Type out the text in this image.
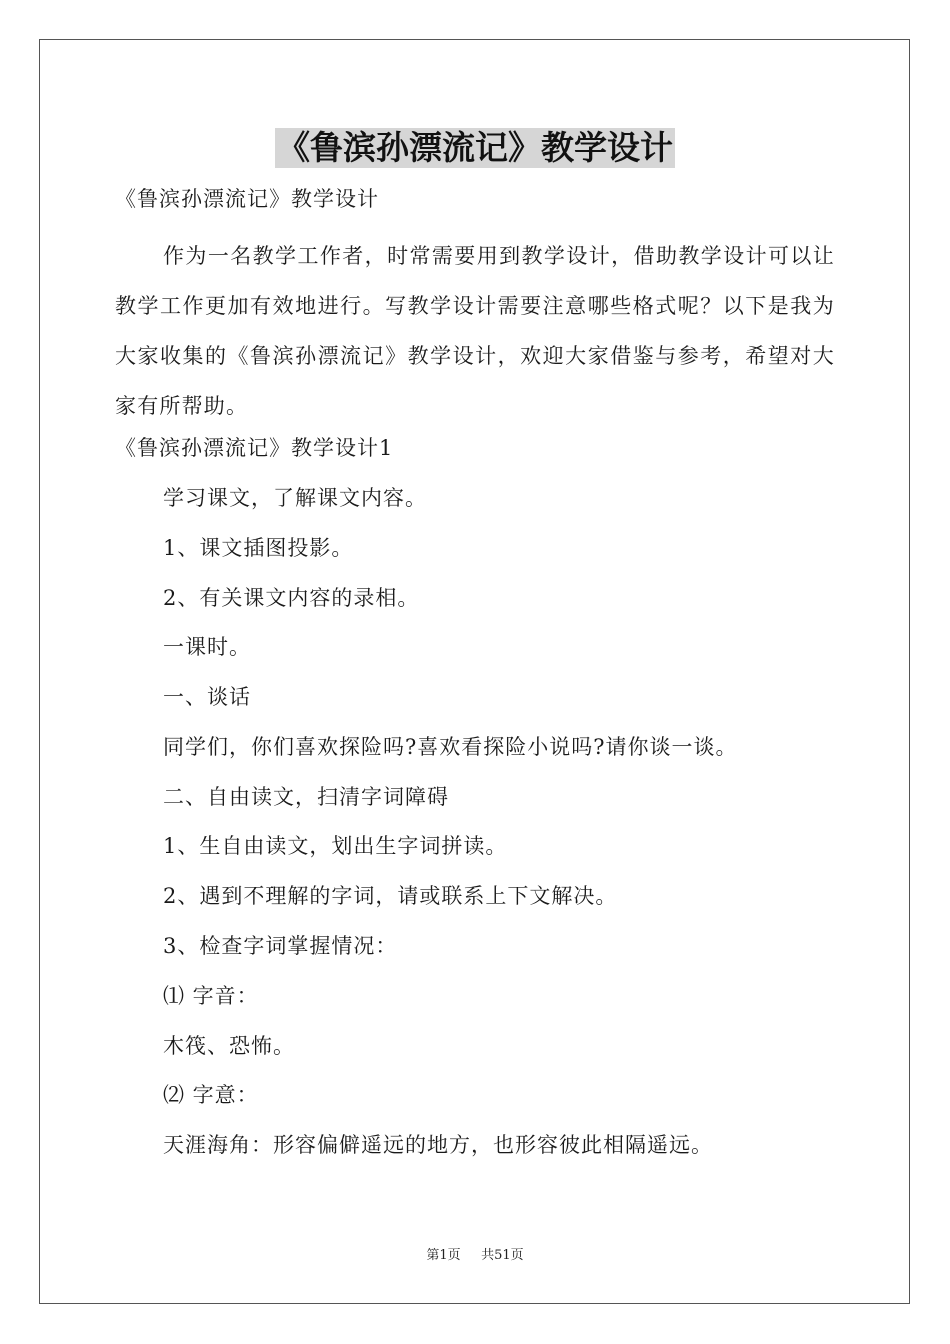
《鲁滨孙漂流记》教学设计
《鲁滨孙漂流记》教学设计
作为一名教学工作者，时常需要用到教学设计，借助教学设计可以让教学工作更加有效地进行。写教学设计需要注意哪些格式呢？以下是我为大家收集的《鲁滨孙漂流记》教学设计，欢迎大家借鉴与参考，希望对大家有所帮助。
《鲁滨孙漂流记》教学设计1
学习课文，了解课文内容。
1、课文插图投影。
2、有关课文内容的录相。
一课时。
一、谈话
同学们，你们喜欢探险吗?喜欢看探险小说吗?请你谈一谈。
二、自由读文，扫清字词障碍
1、生自由读文，划出生字词拼读。
2、遇到不理解的字词，请或联系上下文解决。
3、检查字词掌握情况：
⑴ 字音：
木筏、恐怖。
⑵ 字意：
天涯海角：形容偏僻遥远的地方，也形容彼此相隔遥远。
第1页 共51页
